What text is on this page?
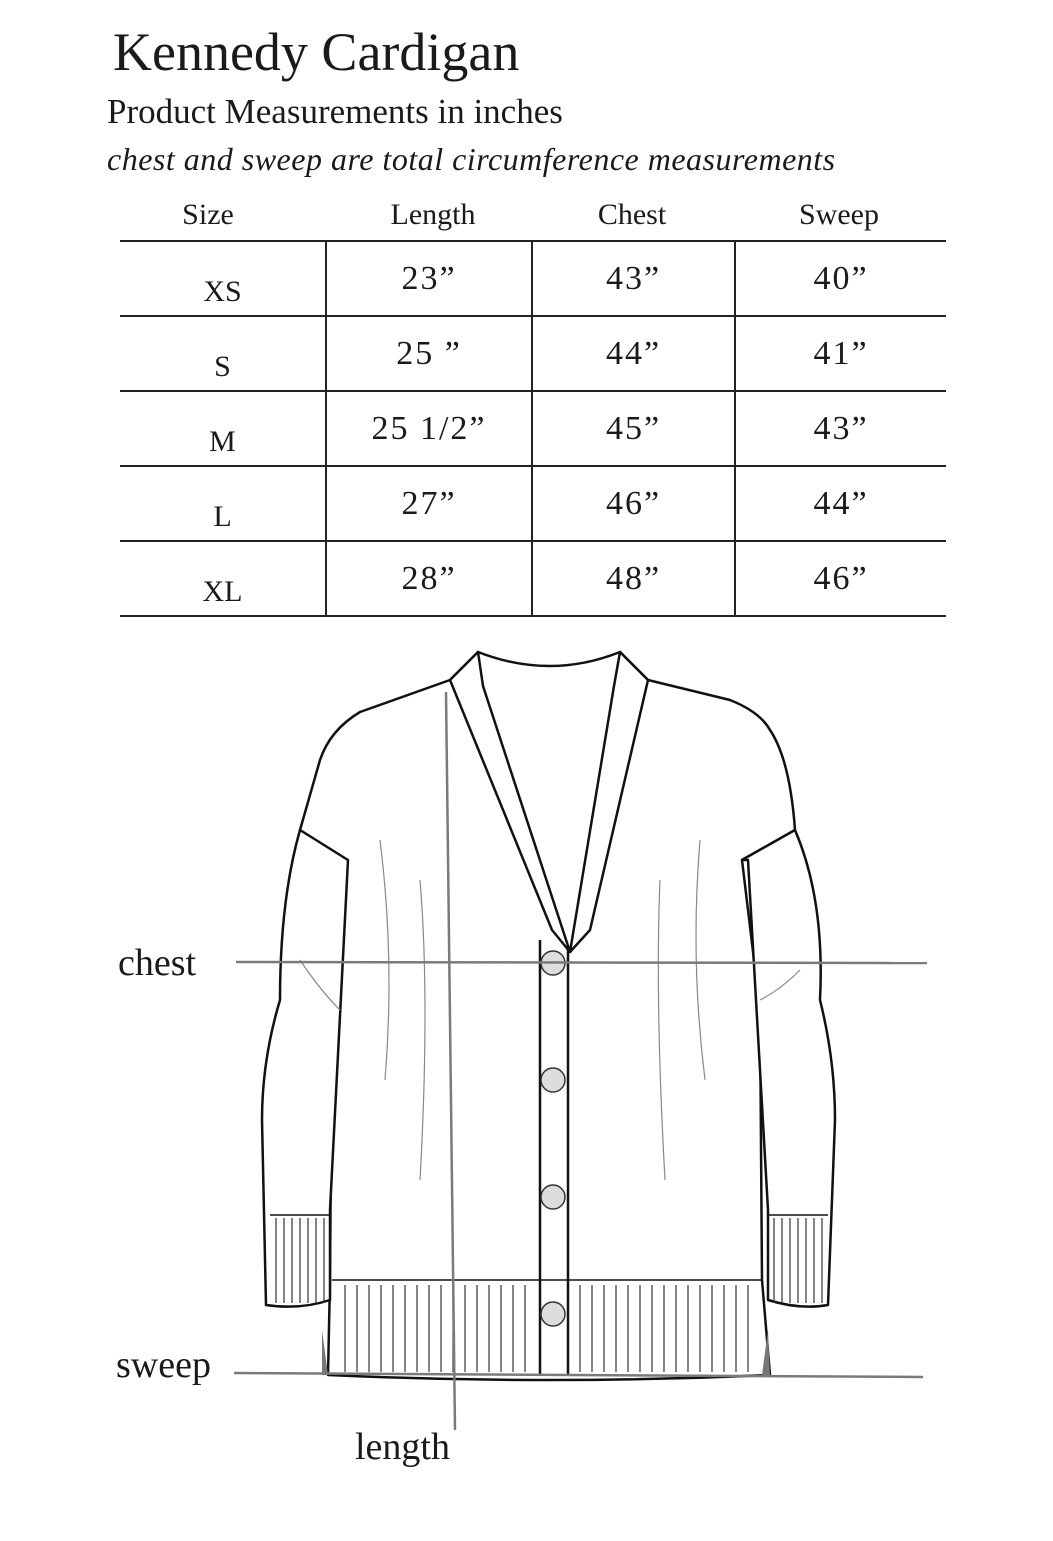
Kennedy Cardigan
Product Measurements in inches
chest and sweep are total circumference measurements
Size	Length	Chest	Sweep
XS	23”	43”	40”
S	25 ”	44”	41”
M	25 1/2”	45”	43”
L	27”	46”	44”
XL	28”	48”	46”
chest
sweep
length
